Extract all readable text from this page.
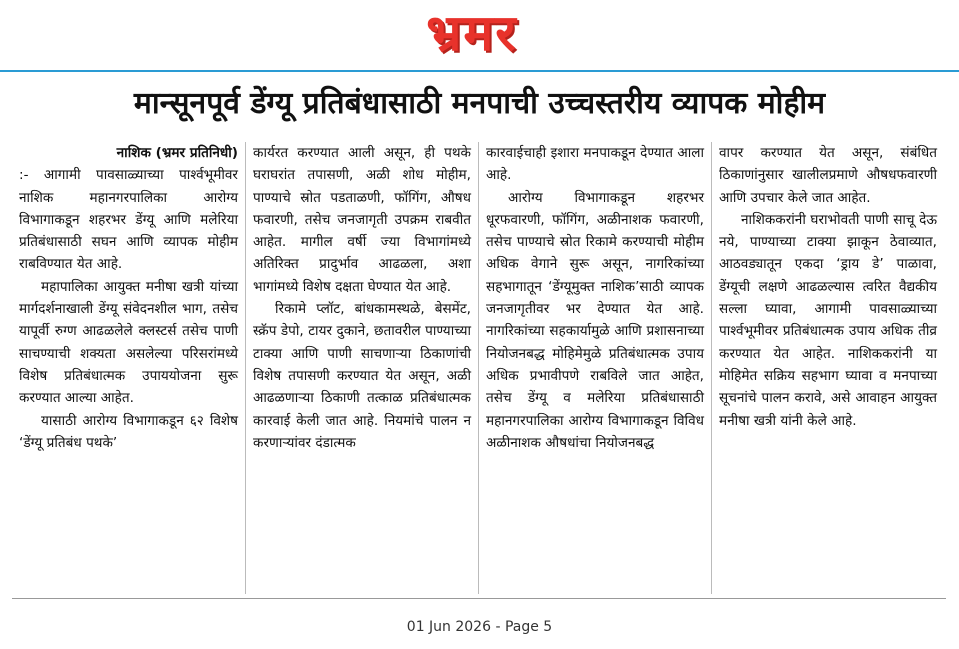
भ्रमर
मान्सूनपूर्व डेंग्यू प्रतिबंधासाठी मनपाची उच्चस्तरीय व्यापक मोहीम
नाशिक (भ्रमर प्रतिनिधी)

:- आगामी पावसाळ्याच्या पार्श्वभूमीवर नाशिक महानगरपालिका आरोग्य विभागाकडून शहरभर डेंग्यू आणि मलेरिया प्रतिबंधासाठी सघन आणि व्यापक मोहीम राबविण्यात येत आहे.

महापालिका आयुक्त मनीषा खत्री यांच्या मार्गदर्शनाखाली डेंग्यू संवेदनशील भाग, तसेच यापूर्वी रुग्ण आढळलेले क्लस्टर्स तसेच पाणी साचण्याची शक्यता असलेल्या परिसरांमध्ये विशेष प्रतिबंधात्मक उपाययोजना सुरू करण्यात आल्या आहेत.

यासाठी आरोग्य विभागाकडून ६२ विशेष ‘डेंग्यू प्रतिबंध पथके’

कार्यरत करण्यात आली असून, ही पथके घराघरांत तपासणी, अळी शोध मोहीम, पाण्याचे स्रोत पडताळणी, फॉगिंग, औषध फवारणी, तसेच जनजागृती उपक्रम राबवीत आहेत. मागील वर्षी ज्या विभागांमध्ये अतिरिक्त प्रादुर्भाव आढळला, अशा भागांमध्ये विशेष दक्षता घेण्यात येत आहे.

रिकामे प्लॉट, बांधकामस्थळे, बेसमेंट, स्क्रॅप डेपो, टायर दुकाने, छतावरील पाण्याच्या टाक्या आणि पाणी साचणाऱ्या ठिकाणांची विशेष तपासणी करण्यात येत असून, अळी आढळणाऱ्या ठिकाणी तत्काळ प्रतिबंधात्मक कारवाई केली जात आहे. नियमांचे पालन न करणाऱ्यांवर दंडात्मक

कारवाईचाही इशारा मनपाकडून देण्यात आला आहे.

आरोग्य विभागाकडून शहरभर धूरफवारणी, फॉगिंग, अळीनाशक फवारणी, तसेच पाण्याचे स्रोत रिकामे करण्याची मोहीम अधिक वेगाने सुरू असून, नागरिकांच्या सहभागातून ‘डेंग्यूमुक्त नाशिक’साठी व्यापक जनजागृतीवर भर देण्यात येत आहे. नागरिकांच्या सहकार्यामुळे आणि प्रशासनाच्या नियोजनबद्ध मोहिमेमुळे प्रतिबंधात्मक उपाय अधिक प्रभावीपणे राबविले जात आहेत, तसेच डेंग्यू व मलेरिया प्रतिबंधासाठी महानगरपालिका आरोग्य विभागाकडून विविध अळीनाशक औषधांचा नियोजनबद्ध

वापर करण्यात येत असून, संबंधित ठिकाणांनुसार खालीलप्रमाणे औषधफवारणी आणि उपचार केले जात आहेत.

नाशिककरांनी घराभोवती पाणी साचू देऊ नये, पाण्याच्या टाक्या झाकून ठेवाव्यात, आठवड्यातून एकदा ‘ड्राय डे’ पाळावा, डेंग्यूची लक्षणे आढळल्यास त्वरित वैद्यकीय सल्ला घ्यावा, आगामी पावसाळ्याच्या पार्श्वभूमीवर प्रतिबंधात्मक उपाय अधिक तीव्र करण्यात येत आहेत. नाशिककरांनी या मोहिमेत सक्रिय सहभाग घ्यावा व मनपाच्या सूचनांचे पालन करावे, असे आवाहन आयुक्त मनीषा खत्री यांनी केले आहे.

01 Jun 2026 - Page 5
